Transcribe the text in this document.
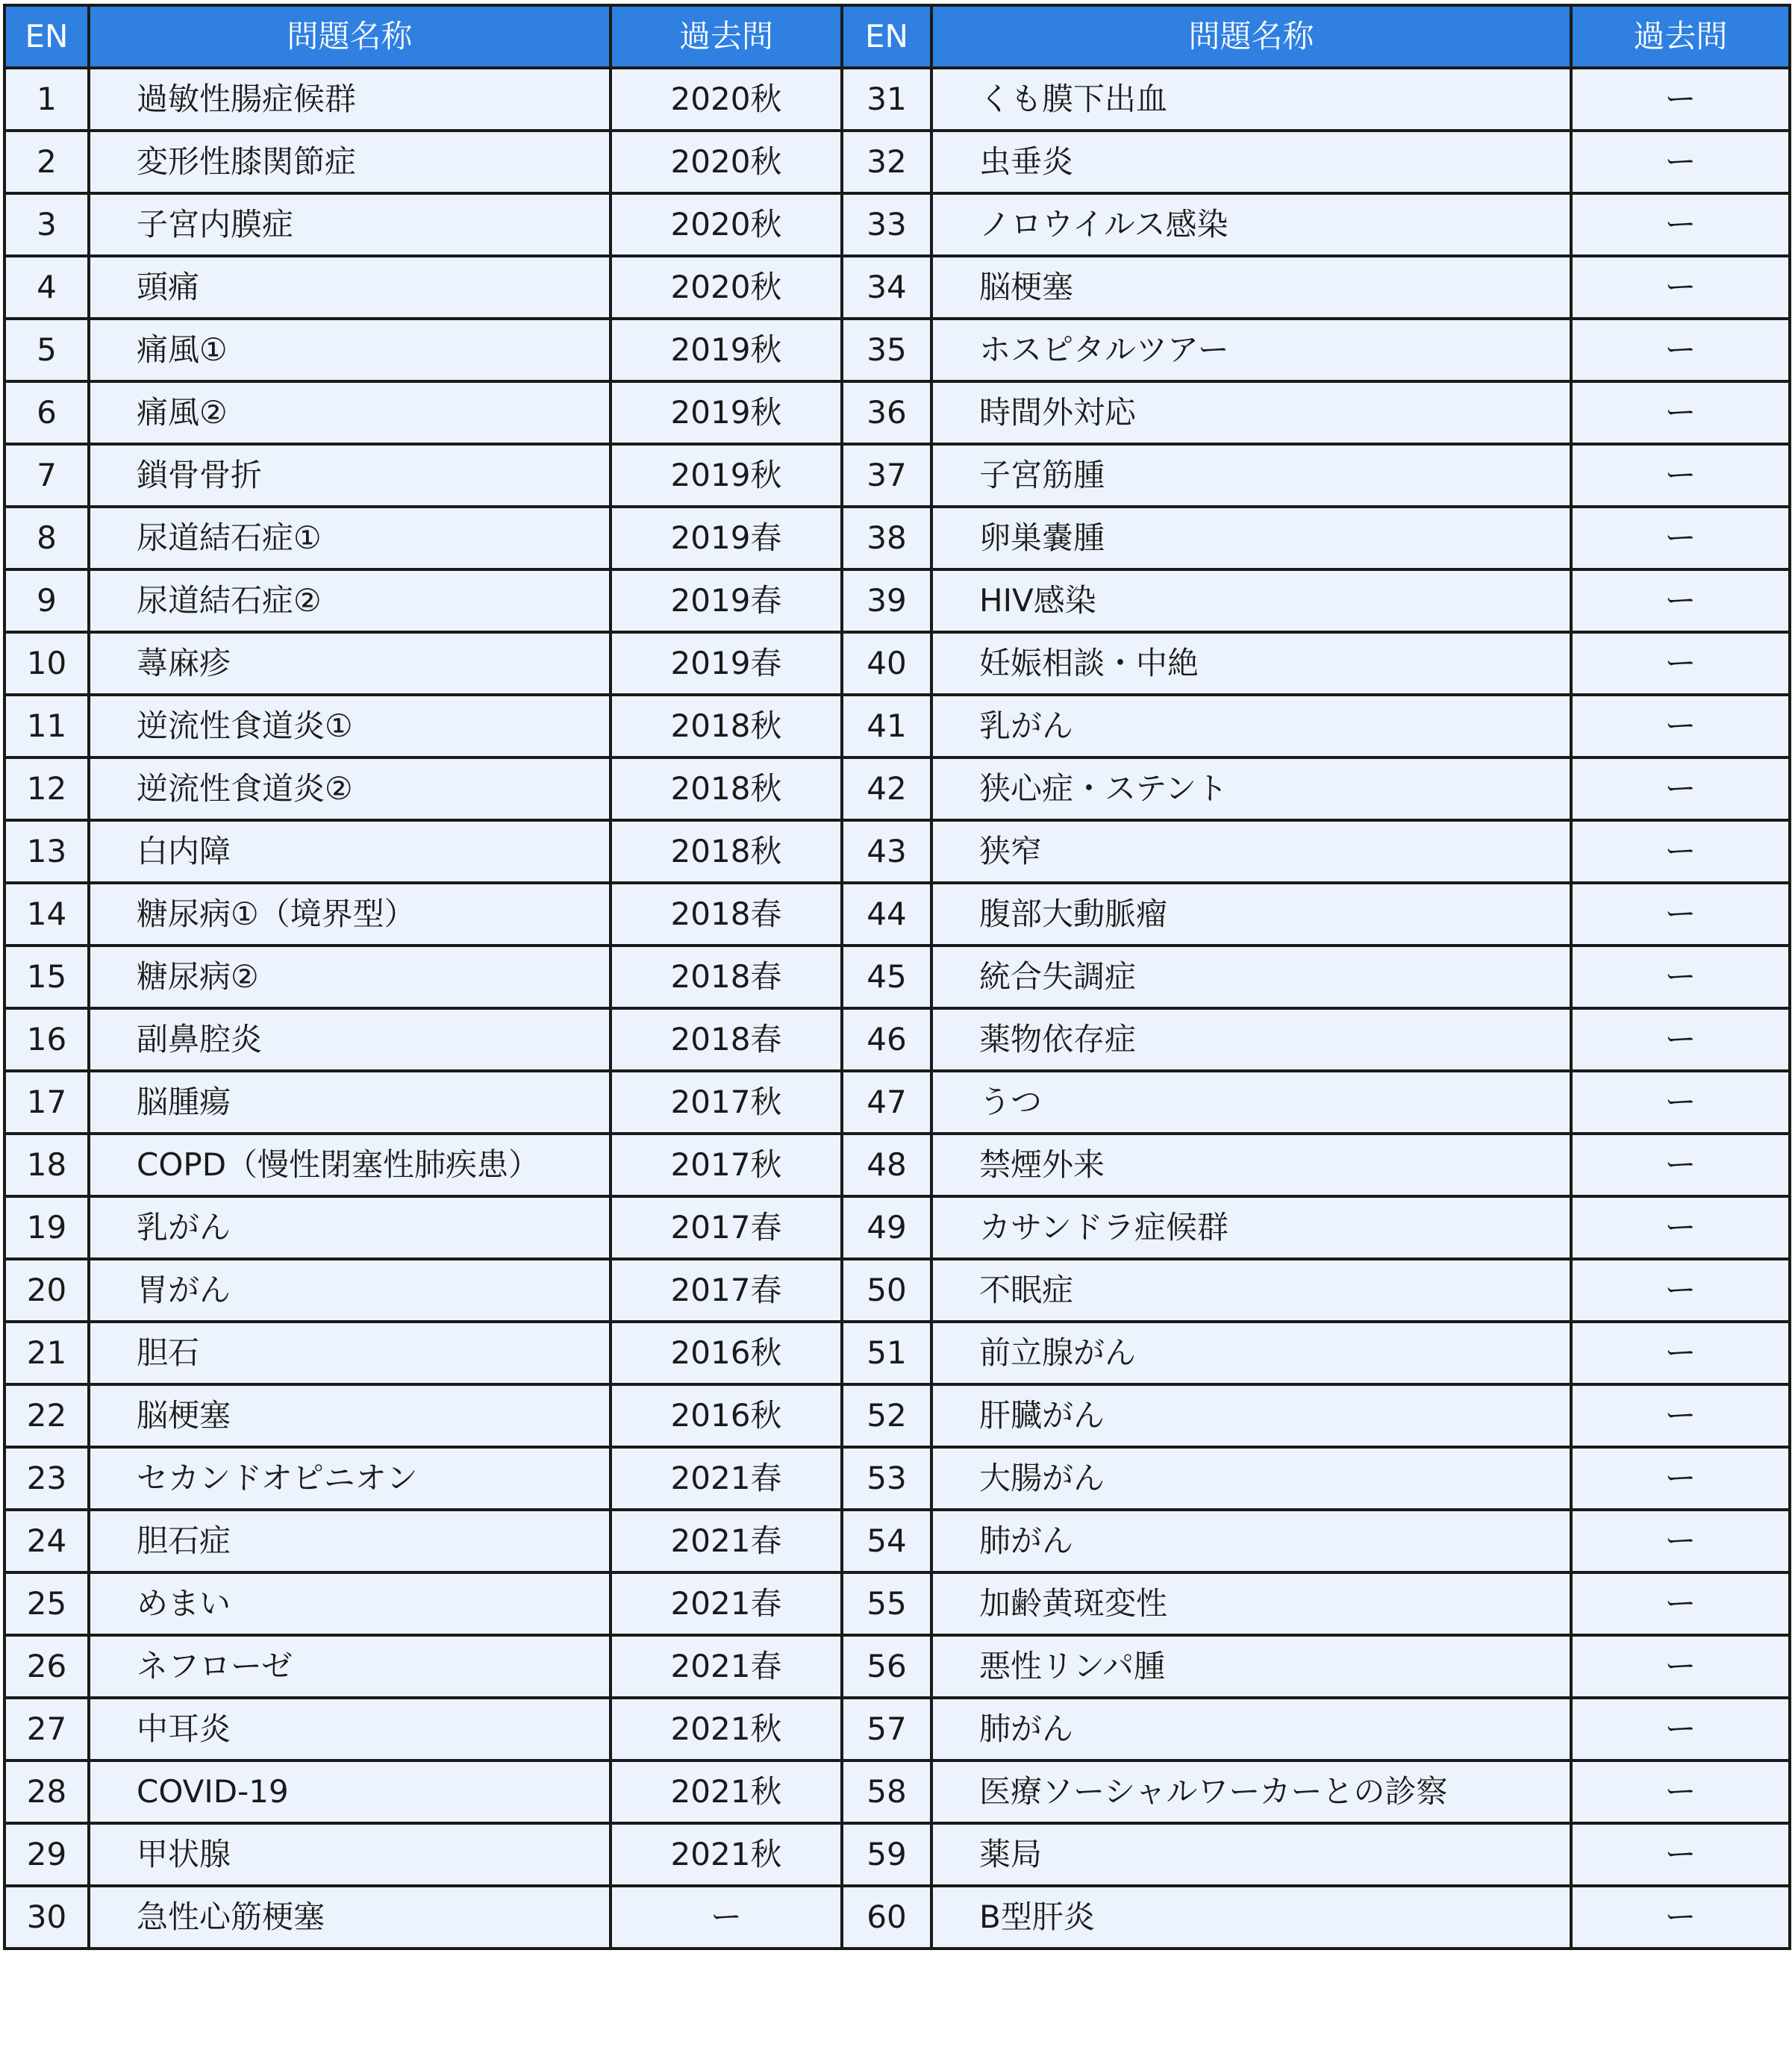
EN	問題名称	過去問	EN	問題名称	過去問
1	過敏性腸症候群	2020秋	31	くも膜下出血	ー
2	変形性膝関節症	2020秋	32	虫垂炎	ー
3	子宮内膜症	2020秋	33	ノロウイルス感染	ー
4	頭痛	2020秋	34	脳梗塞	ー
5	痛風①	2019秋	35	ホスピタルツアー	ー
6	痛風②	2019秋	36	時間外対応	ー
7	鎖骨骨折	2019秋	37	子宮筋腫	ー
8	尿道結石症①	2019春	38	卵巣嚢腫	ー
9	尿道結石症②	2019春	39	HIV感染	ー
10	蕁麻疹	2019春	40	妊娠相談・中絶	ー
11	逆流性食道炎①	2018秋	41	乳がん	ー
12	逆流性食道炎②	2018秋	42	狭心症・ステント	ー
13	白内障	2018秋	43	狭窄	ー
14	糖尿病①（境界型）	2018春	44	腹部大動脈瘤	ー
15	糖尿病②	2018春	45	統合失調症	ー
16	副鼻腔炎	2018春	46	薬物依存症	ー
17	脳腫瘍	2017秋	47	うつ	ー
18	COPD（慢性閉塞性肺疾患）	2017秋	48	禁煙外来	ー
19	乳がん	2017春	49	カサンドラ症候群	ー
20	胃がん	2017春	50	不眠症	ー
21	胆石	2016秋	51	前立腺がん	ー
22	脳梗塞	2016秋	52	肝臓がん	ー
23	セカンドオピニオン	2021春	53	大腸がん	ー
24	胆石症	2021春	54	肺がん	ー
25	めまい	2021春	55	加齢黄斑変性	ー
26	ネフローゼ	2021春	56	悪性リンパ腫	ー
27	中耳炎	2021秋	57	肺がん	ー
28	COVID-19	2021秋	58	医療ソーシャルワーカーとの診察	ー
29	甲状腺	2021秋	59	薬局	ー
30	急性心筋梗塞	ー	60	B型肝炎	ー
